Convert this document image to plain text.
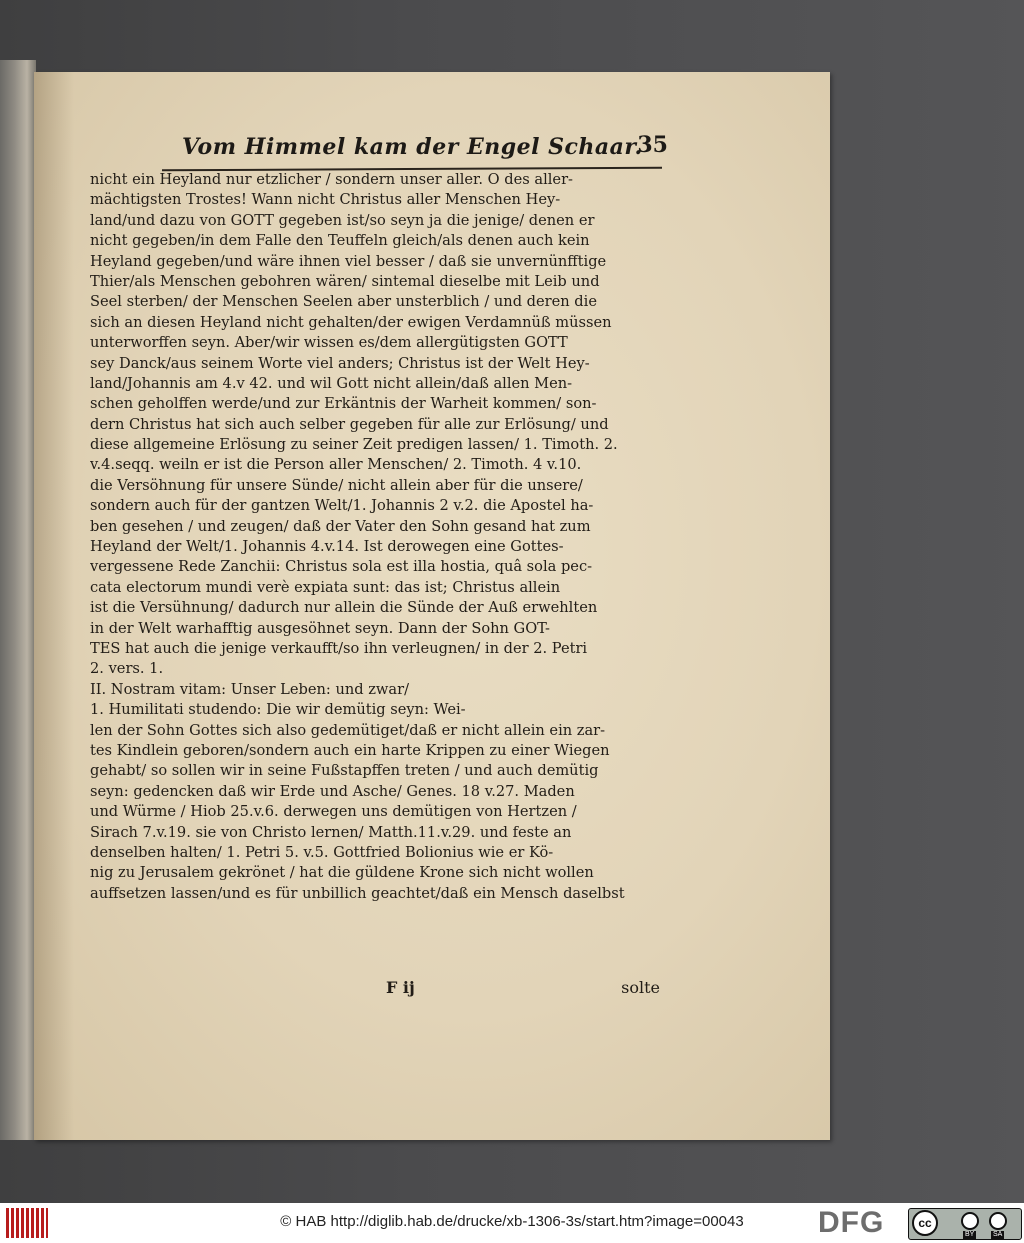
Vom Himmel kam der Engel Schaar.
35
nicht ein Heyland nur etzlicher / sondern unser aller. O des aller-
mächtigsten Trostes! Wann nicht Christus aller Menschen Hey-
land/und dazu von GOTT gegeben ist/so seyn ja die jenige/ denen er
nicht gegeben/in dem Falle den Teuffeln gleich/als denen auch kein
Heyland gegeben/und wäre ihnen viel besser / daß sie unvernünfftige
Thier/als Menschen gebohren wären/ sintemal dieselbe mit Leib und
Seel sterben/ der Menschen Seelen aber unsterblich / und deren die
sich an diesen Heyland nicht gehalten/der ewigen Verdamnüß müssen
unterworffen seyn. Aber/wir wissen es/dem allergütigsten GOTT
sey Danck/aus seinem Worte viel anders; Christus ist der Welt Hey-
land/Johannis am 4.v 42. und wil Gott nicht allein/daß allen Men-
schen geholffen werde/und zur Erkäntnis der Warheit kommen/ son-
dern Christus hat sich auch selber gegeben für alle zur Erlösung/ und
diese allgemeine Erlösung zu seiner Zeit predigen lassen/ 1. Timoth. 2.
v.4.seqq. weiln er ist die Person aller Menschen/ 2. Timoth. 4 v.10.
die Versöhnung für unsere Sünde/ nicht allein aber für die unsere/
sondern auch für der gantzen Welt/1. Johannis 2 v.2. die Apostel ha-
ben gesehen / und zeugen/ daß der Vater den Sohn gesand hat zum
Heyland der Welt/1. Johannis 4.v.14. Ist derowegen eine Gottes-
vergessene Rede Zanchii: Christus sola est illa hostia, quâ sola pec-
cata electorum mundi verè expiata sunt: das ist; Christus allein
ist die Versühnung/ dadurch nur allein die Sünde der Auß erwehlten
in der Welt warhafftig ausgesöhnet seyn. Dann der Sohn GOT-
TES hat auch die jenige verkaufft/so ihn verleugnen/ in der 2. Petri
2. vers. 1.
II. Nostram vitam: Unser Leben: und zwar/
1. Humilitati studendo: Die wir demütig seyn: Wei-
len der Sohn Gottes sich also gedemütiget/daß er nicht allein ein zar-
tes Kindlein geboren/sondern auch ein harte Krippen zu einer Wiegen
gehabt/ so sollen wir in seine Fußstapffen treten / und auch demütig
seyn: gedencken daß wir Erde und Asche/ Genes. 18 v.27. Maden
und Würme / Hiob 25.v.6. derwegen uns demütigen von Hertzen /
Sirach 7.v.19. sie von Christo lernen/ Matth.11.v.29. und feste an
denselben halten/ 1. Petri 5. v.5. Gottfried Bolionius wie er Kö-
nig zu Jerusalem gekrönet / hat die güldene Krone sich nicht wollen
auffsetzen lassen/und es für unbillich geachtet/daß ein Mensch daselbst
F ij	solte
© HAB http://diglib.hab.de/drucke/xb-1306-3s/start.htm?image=00043	DFG	cc
BY	SA
